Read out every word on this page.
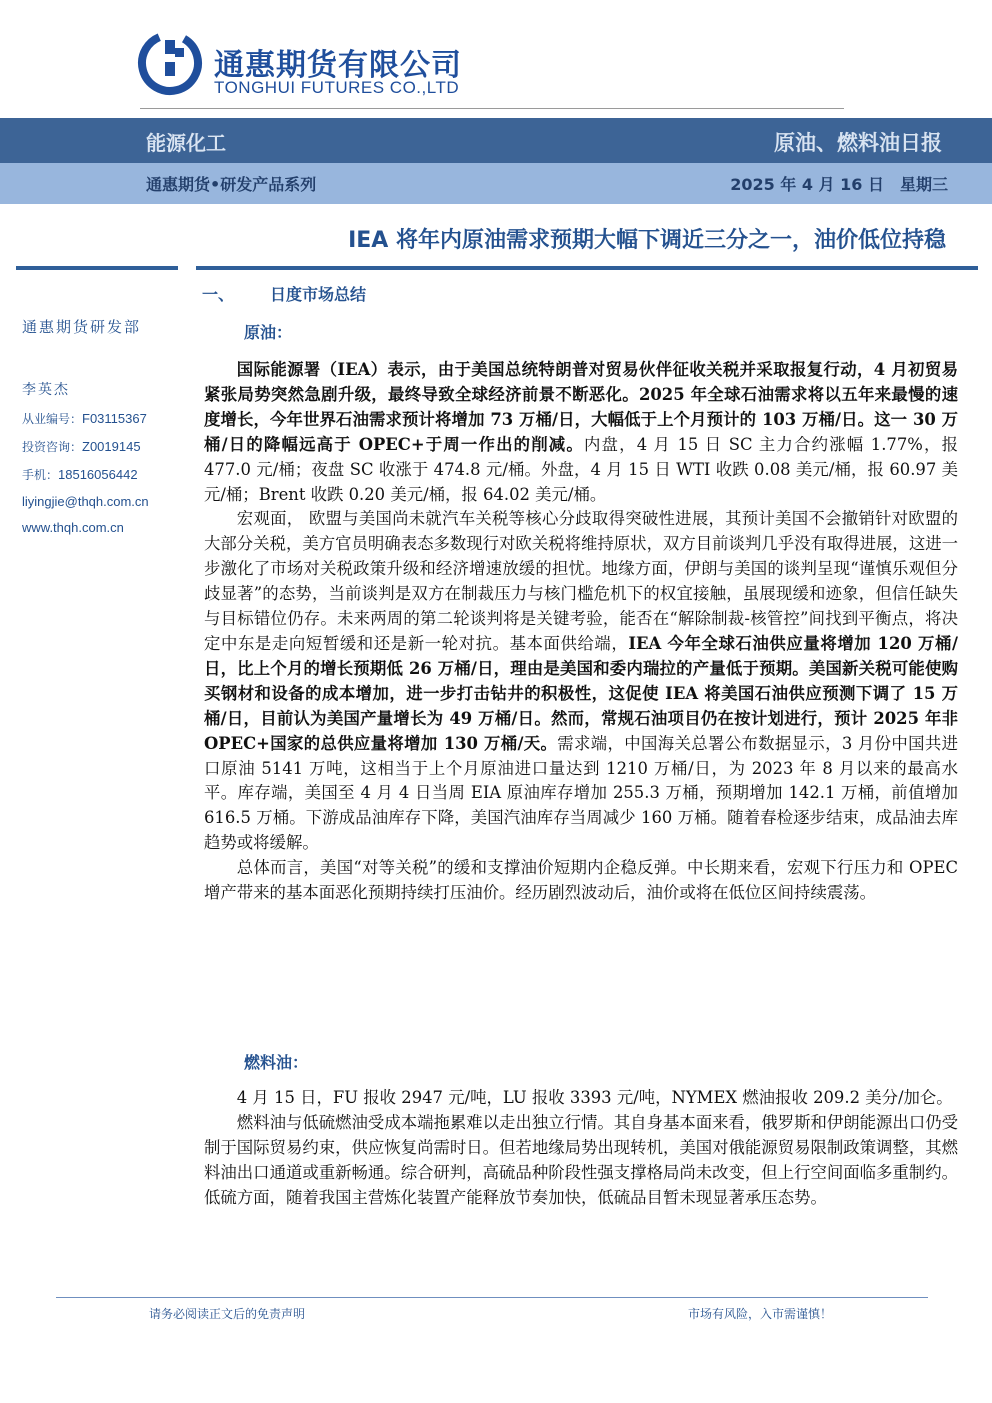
通惠期货有限公司
TONGHUI FUTURES CO.,LTD
能源化工	原油、燃料油日报
通惠期货•研发产品系列	2025 年 4 月 16 日　星期三
IEA 将年内原油需求预期大幅下调近三分之一，油价低位持稳
通惠期货研发部
李英杰
从业编号：F03115367
投资咨询：Z0019145
手机：18516056442
liyingjie@thqh.com.cn
www.thqh.com.cn
一、 日度市场总结
原油：

国际能源署（IEA）表示，由于美国总统特朗普对贸易伙伴征收关税并采取报复行动，4 月初贸易紧张局势突然急剧升级，最终导致全球经济前景不断恶化。2025 年全球石油需求将以五年来最慢的速度增长，今年世界石油需求预计将增加 73 万桶/日，大幅低于上个月预计的 103 万桶/日。这一 30 万桶/日的降幅远高于 OPEC+于周一作出的削减。内盘，4 月 15 日 SC 主力合约涨幅 1.77%，报 477.0 元/桶；夜盘 SC 收涨于 474.8 元/桶。外盘，4 月 15 日 WTI 收跌 0.08 美元/桶，报 60.97 美元/桶；Brent 收跌 0.20 美元/桶，报 64.02 美元/桶。

宏观面， 欧盟与美国尚未就汽车关税等核心分歧取得突破性进展，其预计美国不会撤销针对欧盟的大部分关税，美方官员明确表态多数现行对欧关税将维持原状，双方目前谈判几乎没有取得进展，这进一步激化了市场对关税政策升级和经济增速放缓的担忧。地缘方面，伊朗与美国的谈判呈现“谨慎乐观但分歧显著”的态势，当前谈判是双方在制裁压力与核门槛危机下的权宜接触，虽展现缓和迹象，但信任缺失与目标错位仍存。未来两周的第二轮谈判将是关键考验，能否在“解除制裁-核管控”间找到平衡点，将决定中东是走向短暂缓和还是新一轮对抗。基本面供给端，IEA 今年全球石油供应量将增加 120 万桶/日，比上个月的增长预期低 26 万桶/日，理由是美国和委内瑞拉的产量低于预期。美国新关税可能使购买钢材和设备的成本增加，进一步打击钻井的积极性，这促使 IEA 将美国石油供应预测下调了 15 万桶/日，目前认为美国产量增长为 49 万桶/日。然而，常规石油项目仍在按计划进行，预计 2025 年非 OPEC+国家的总供应量将增加 130 万桶/天。需求端，中国海关总署公布数据显示，3 月份中国共进口原油 5141 万吨，这相当于上个月原油进口量达到 1210 万桶/日，为 2023 年 8 月以来的最高水平。库存端，美国至 4 月 4 日当周 EIA 原油库存增加 255.3 万桶，预期增加 142.1 万桶，前值增加 616.5 万桶。下游成品油库存下降，美国汽油库存当周减少 160 万桶。随着春检逐步结束，成品油去库趋势或将缓解。

总体而言，美国“对等关税”的缓和支撑油价短期内企稳反弹。中长期来看，宏观下行压力和 OPEC 增产带来的基本面恶化预期持续打压油价。经历剧烈波动后，油价或将在低位区间持续震荡。

燃料油：

4 月 15 日，FU 报收 2947 元/吨，LU 报收 3393 元/吨，NYMEX 燃油报收 209.2 美分/加仑。

燃料油与低硫燃油受成本端拖累难以走出独立行情。其自身基本面来看，俄罗斯和伊朗能源出口仍受制于国际贸易约束，供应恢复尚需时日。但若地缘局势出现转机，美国对俄能源贸易限制政策调整，其燃料油出口通道或重新畅通。综合研判，高硫品种阶段性强支撑格局尚未改变，但上行空间面临多重制约。低硫方面，随着我国主营炼化装置产能释放节奏加快，低硫品目暂未现显著承压态势。

请务必阅读正文后的免责声明	市场有风险，入市需谨慎！
